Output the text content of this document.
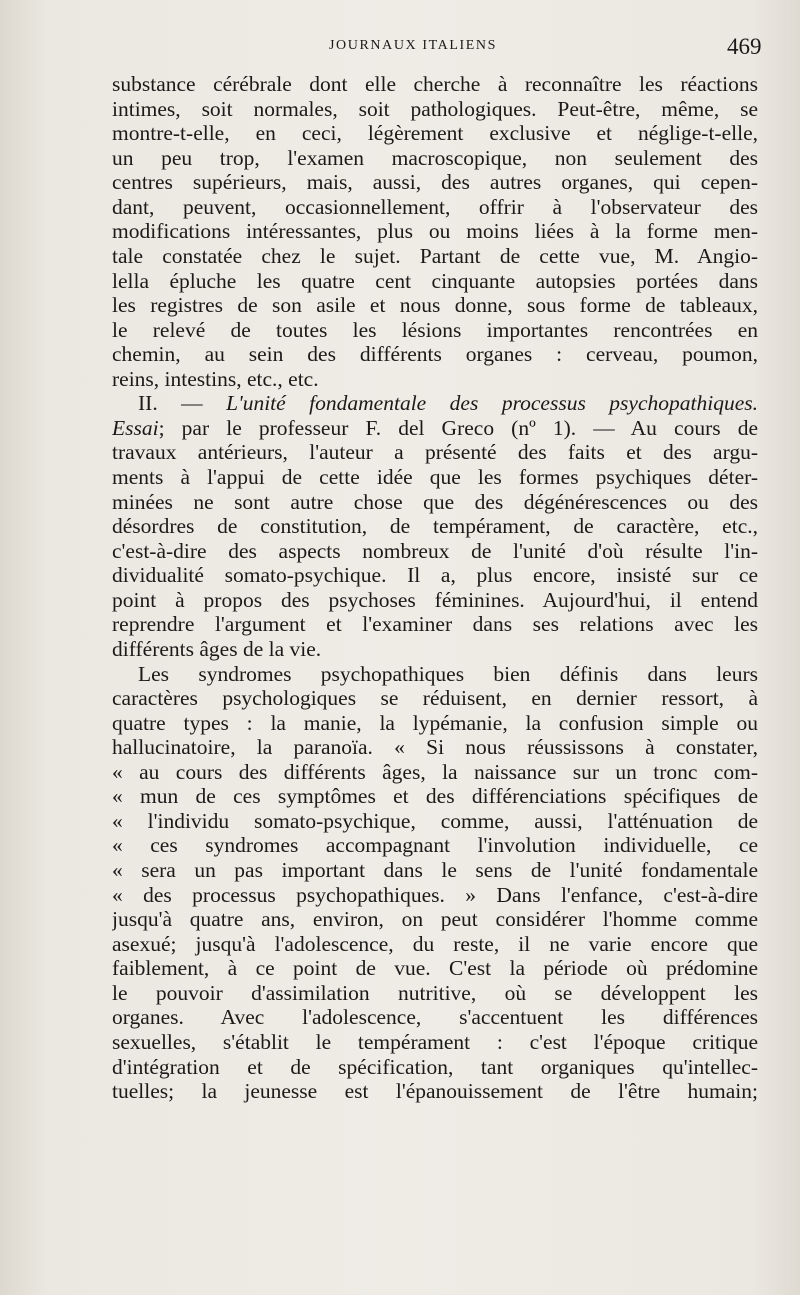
JOURNAUX ITALIENS	469
substance cérébrale dont elle cherche à reconnaître les réactions
intimes, soit normales, soit pathologiques. Peut-être, même, se
montre-t-elle, en ceci, légèrement exclusive et néglige-t-elle,
un peu trop, l'examen macroscopique, non seulement des
centres supérieurs, mais, aussi, des autres organes, qui cepen-
dant, peuvent, occasionnellement, offrir à l'observateur des
modifications intéressantes, plus ou moins liées à la forme men-
tale constatée chez le sujet. Partant de cette vue, M. Angio-
lella épluche les quatre cent cinquante autopsies portées dans
les registres de son asile et nous donne, sous forme de tableaux,
le relevé de toutes les lésions importantes rencontrées en
chemin, au sein des différents organes : cerveau, poumon,
reins, intestins, etc., etc.
II. — L'unité fondamentale des processus psychopathiques.
Essai; par le professeur F. del Greco (nº 1). — Au cours de
travaux antérieurs, l'auteur a présenté des faits et des argu-
ments à l'appui de cette idée que les formes psychiques déter-
minées ne sont autre chose que des dégénérescences ou des
désordres de constitution, de tempérament, de caractère, etc.,
c'est-à-dire des aspects nombreux de l'unité d'où résulte l'in-
dividualité somato-psychique. Il a, plus encore, insisté sur ce
point à propos des psychoses féminines. Aujourd'hui, il entend
reprendre l'argument et l'examiner dans ses relations avec les
différents âges de la vie.
Les syndromes psychopathiques bien définis dans leurs
caractères psychologiques se réduisent, en dernier ressort, à
quatre types : la manie, la lypémanie, la confusion simple ou
hallucinatoire, la paranoïa. « Si nous réussissons à constater,
« au cours des différents âges, la naissance sur un tronc com-
« mun de ces symptômes et des différenciations spécifiques de
« l'individu somato-psychique, comme, aussi, l'atténuation de
« ces syndromes accompagnant l'involution individuelle, ce
« sera un pas important dans le sens de l'unité fondamentale
« des processus psychopathiques. » Dans l'enfance, c'est-à-dire
jusqu'à quatre ans, environ, on peut considérer l'homme comme
asexué; jusqu'à l'adolescence, du reste, il ne varie encore que
faiblement, à ce point de vue. C'est la période où prédomine
le pouvoir d'assimilation nutritive, où se développent les
organes. Avec l'adolescence, s'accentuent les différences
sexuelles, s'établit le tempérament : c'est l'époque critique
d'intégration et de spécification, tant organiques qu'intellec-
tuelles; la jeunesse est l'épanouissement de l'être humain;
